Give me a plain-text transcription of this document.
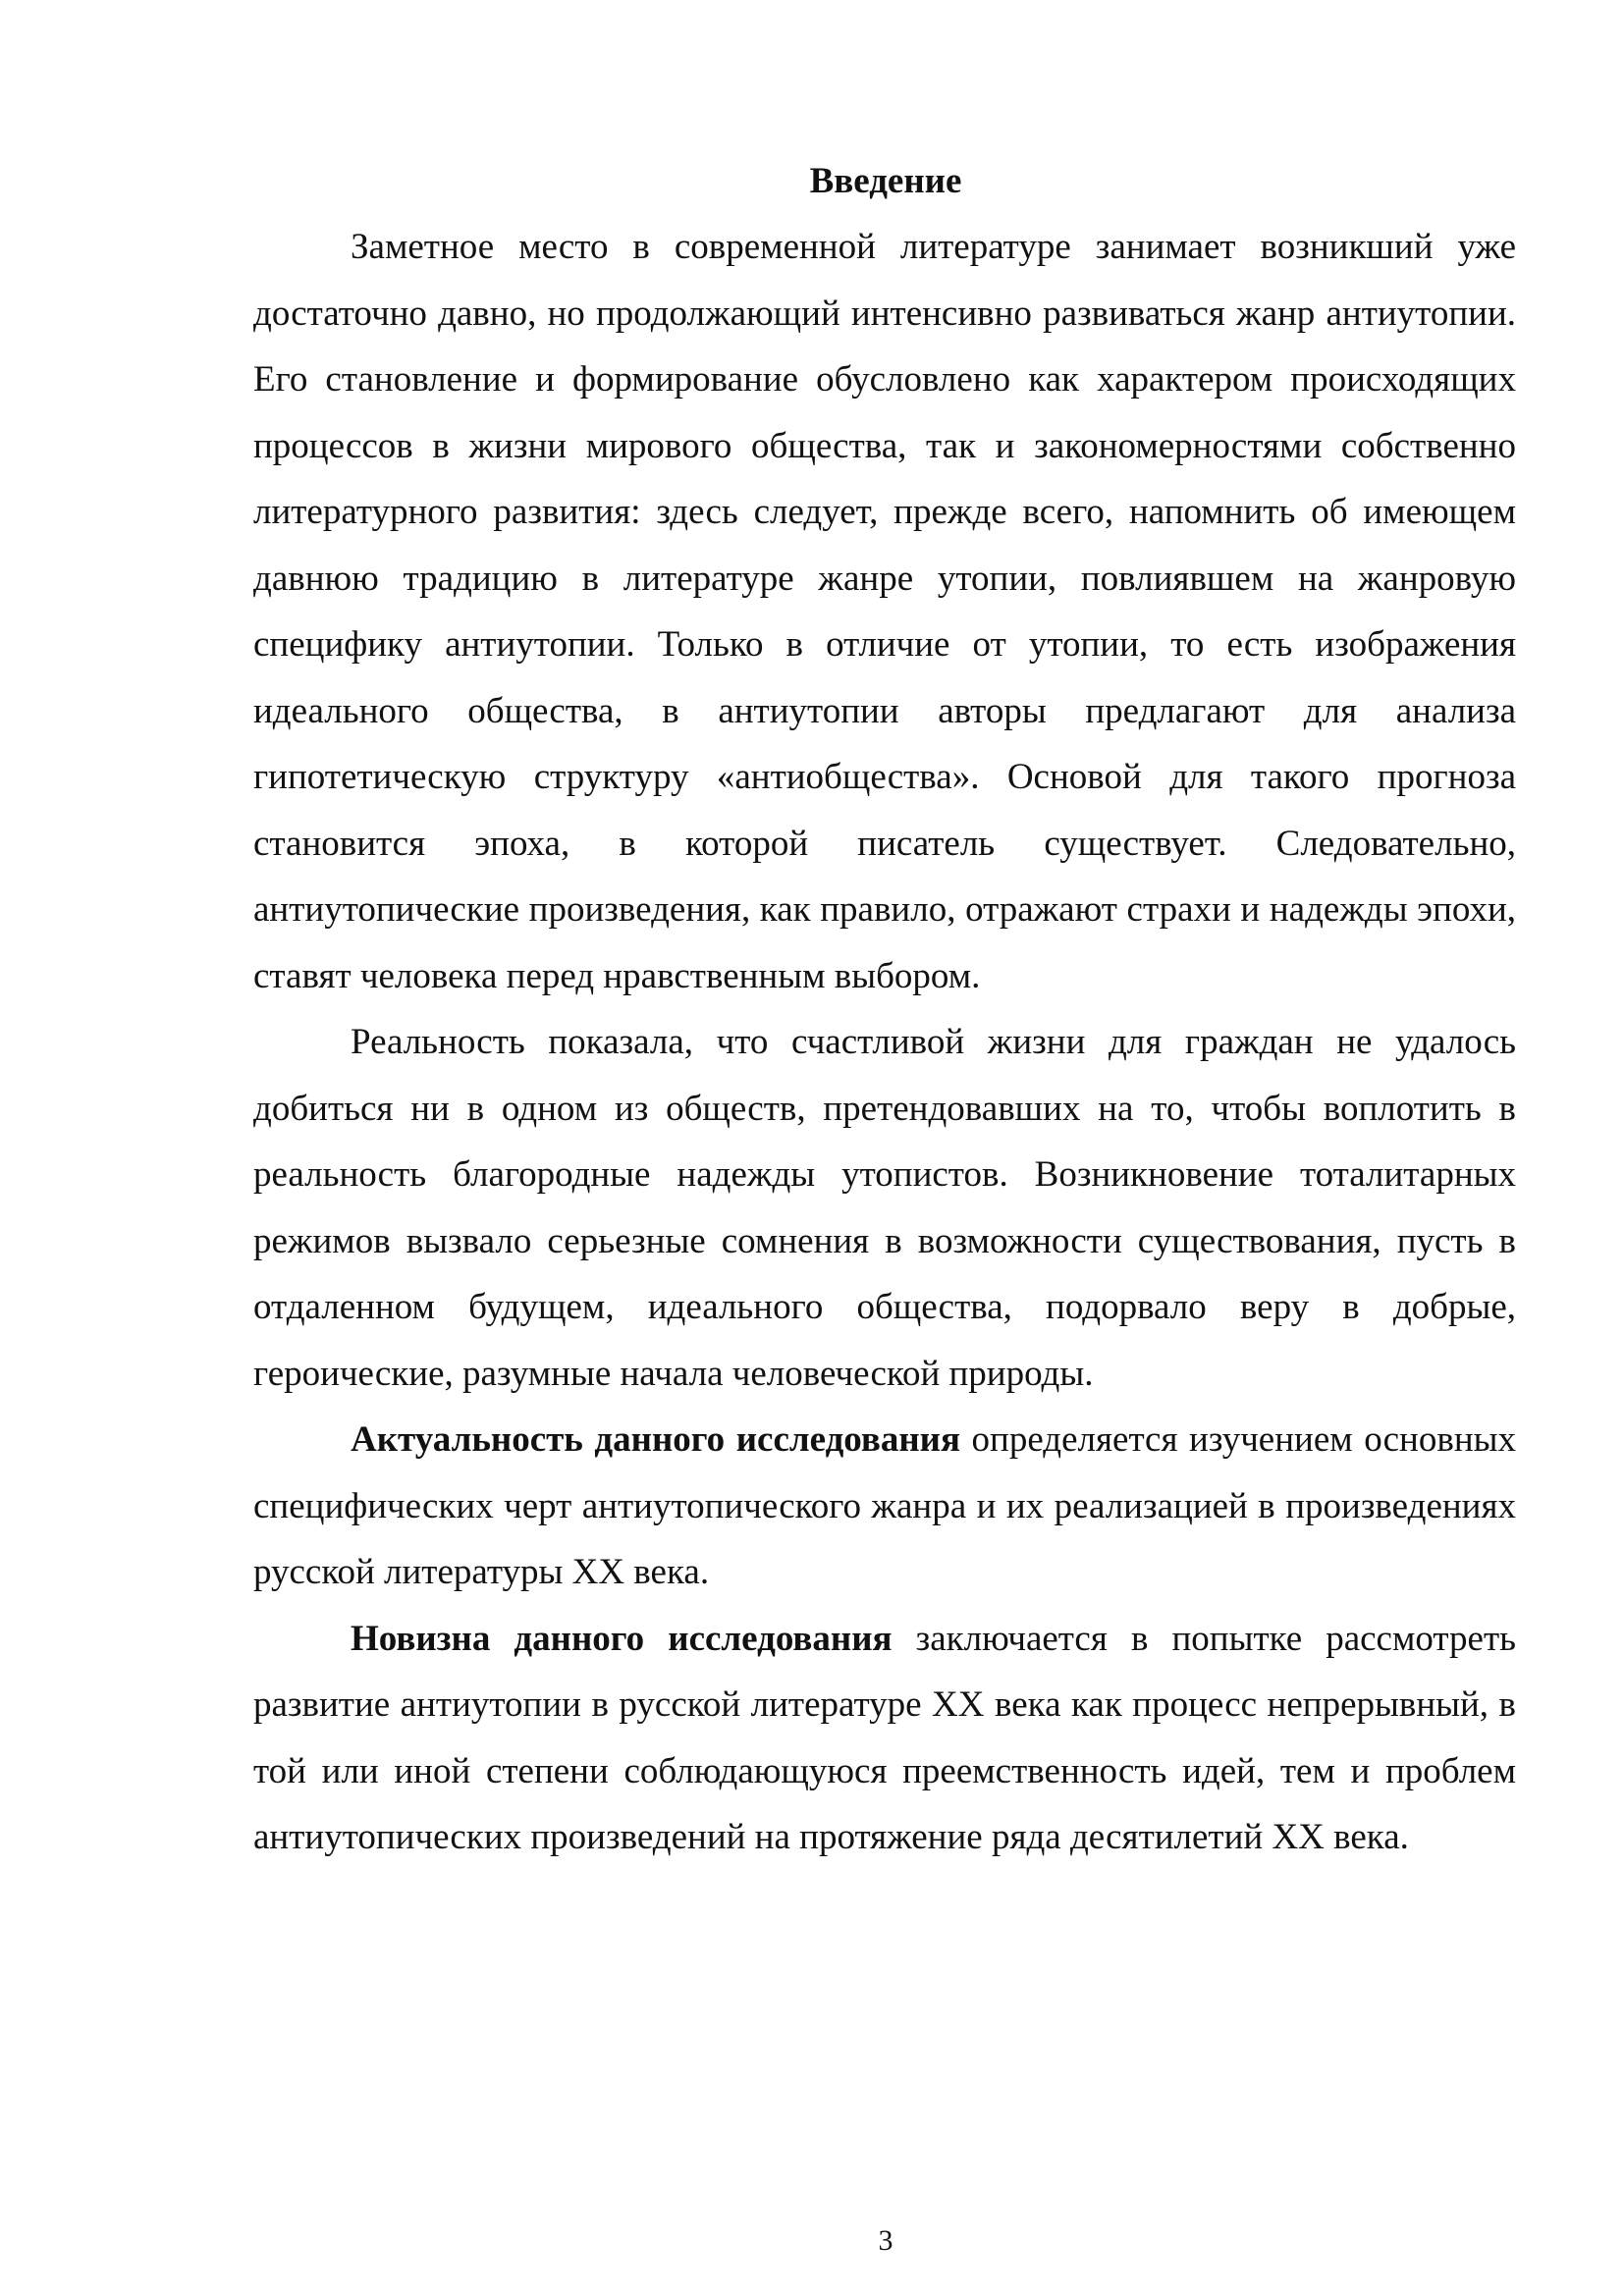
Введение

Заметное место в современной литературе занимает возникший уже достаточно давно, но продолжающий интенсивно развиваться жанр антиутопии. Его становление и формирование обусловлено как характером происходящих процессов в жизни мирового общества, так и закономерностями собственно литературного развития: здесь следует, прежде всего, напомнить об имеющем давнюю традицию в литературе жанре утопии, повлиявшем на жанровую специфику антиутопии. Только в отличие от утопии, то есть изображения идеального общества, в антиутопии авторы предлагают для анализа гипотетическую структуру «антиобщества». Основой для такого прогноза становится эпоха, в которой писатель существует. Следовательно, антиутопические произведения, как правило, отражают страхи и надежды эпохи, ставят человека перед нравственным выбором.

Реальность показала, что счастливой жизни для граждан не удалось добиться ни в одном из обществ, претендовавших на то, чтобы воплотить в реальность благородные надежды утопистов. Возникновение тоталитарных режимов вызвало серьезные сомнения в возможности существования, пусть в отдаленном будущем, идеального общества, подорвало веру в добрые, героические, разумные начала человеческой природы.

Актуальность данного исследования определяется изучением основных специфических черт антиутопического жанра и их реализацией в произведениях русской литературы XX века.

Новизна данного исследования заключается в попытке рассмотреть развитие антиутопии в русской литературе XX века как процесс непрерывный, в той или иной степени соблюдающуюся преемственность идей, тем и проблем антиутопических произведений на протяжение ряда десятилетий XX века.

3
